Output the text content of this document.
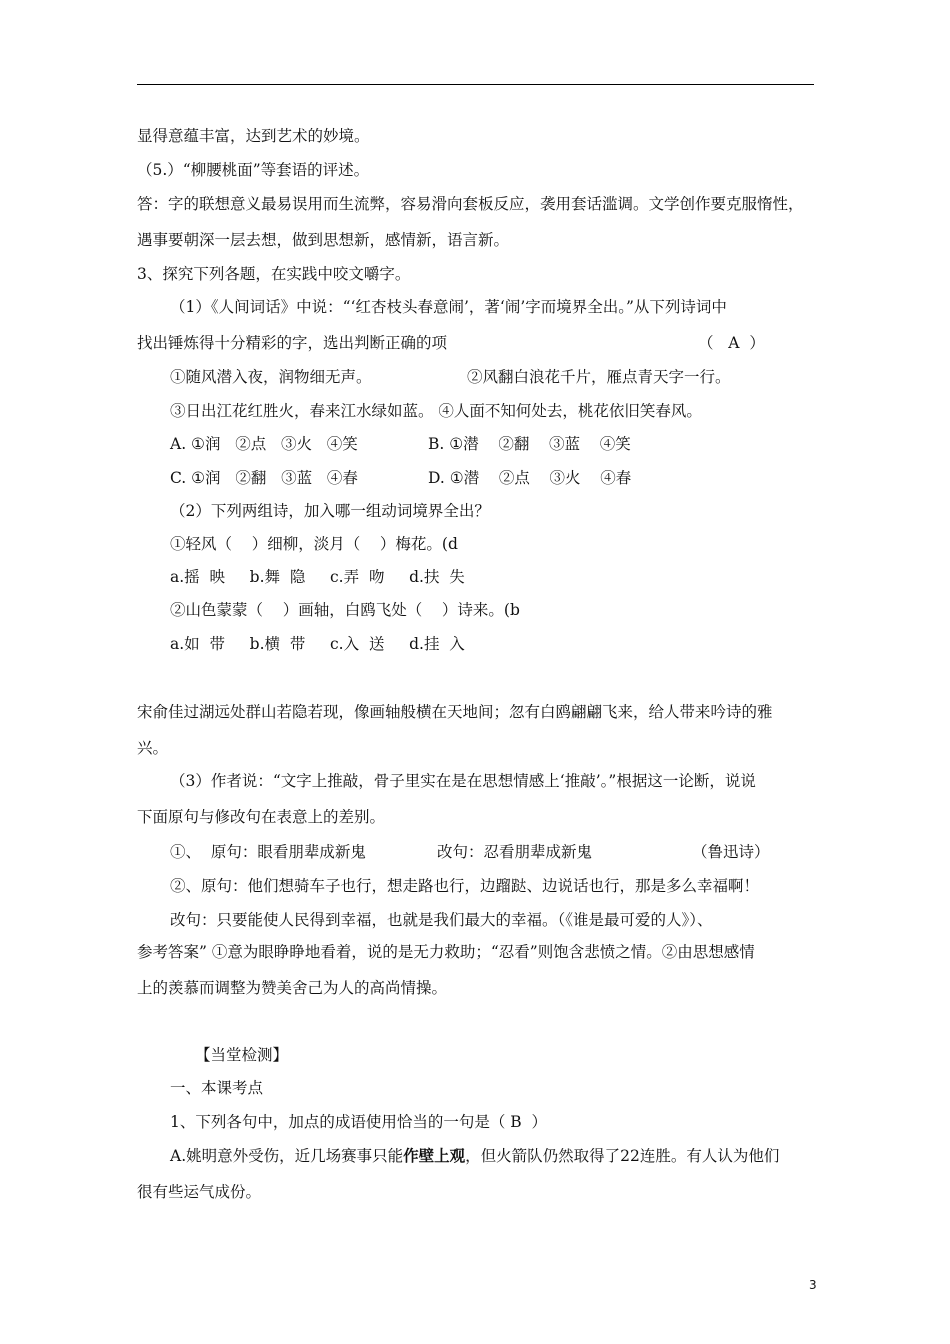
显得意蕴丰富，达到艺术的妙境。
（5.）“柳腰桃面”等套语的评述。
答：字的联想意义最易误用而生流弊，容易滑向套板反应，袭用套话滥调。文学创作要克服惰性，
遇事要朝深一层去想，做到思想新，感情新，语言新。
3、探究下列各题，在实践中咬文嚼字。
（1）《人间词话》中说：“‘红杏枝头春意闹’，著‘闹’字而境界全出。”从下列诗词中
找出锤炼得十分精彩的字，选出判断正确的项	（   A  ）
①随风潜入夜，润物细无声。	②风翻白浪花千片，雁点青天字一行。
③日出江花红胜火，春来江水绿如蓝。 ④人面不知何处去，桃花依旧笑春风。
A. ①润   ②点   ③火   ④笑	B. ①潜    ②翻    ③蓝    ④笑
C. ①润   ②翻   ③蓝   ④春	D. ①潜    ②点    ③火    ④春
（2）下列两组诗，加入哪一组动词境界全出？
①轻风（    ）细柳，淡月（    ）梅花。(d
a.摇  映     b.舞  隐     c.弄  吻     d.扶  失
②山色蒙蒙（    ）画轴，白鸥飞处（    ）诗来。(b
a.如  带     b.横  带     c.入  送     d.挂  入
宋俞佳过湖远处群山若隐若现，像画轴般横在天地间；忽有白鸥翩翩飞来，给人带来吟诗的雅
兴。
（3）作者说：“文字上推敲，骨子里实在是在思想情感上‘推敲’。”根据这一论断，说说
下面原句与修改句在表意上的差别。
①、  原句：眼看朋辈成新鬼	改句：忍看朋辈成新鬼	（鲁迅诗）
②、原句：他们想骑车子也行，想走路也行，边蹓跶、边说话也行，那是多么幸福啊！
改句：只要能使人民得到幸福，也就是我们最大的幸福。（《谁是最可爱的人》）、
参考答案” ①意为眼睁睁地看着，说的是无力救助；“忍看”则饱含悲愤之情。②由思想感情
上的羡慕而调整为赞美舍己为人的高尚情操。
【当堂检测】
一、本课考点
1、下列各句中，加点的成语使用恰当的一句是（ B  ）
A.姚明意外受伤，近几场赛事只能作壁上观，但火箭队仍然取得了22连胜。有人认为他们
很有些运气成份。
3
